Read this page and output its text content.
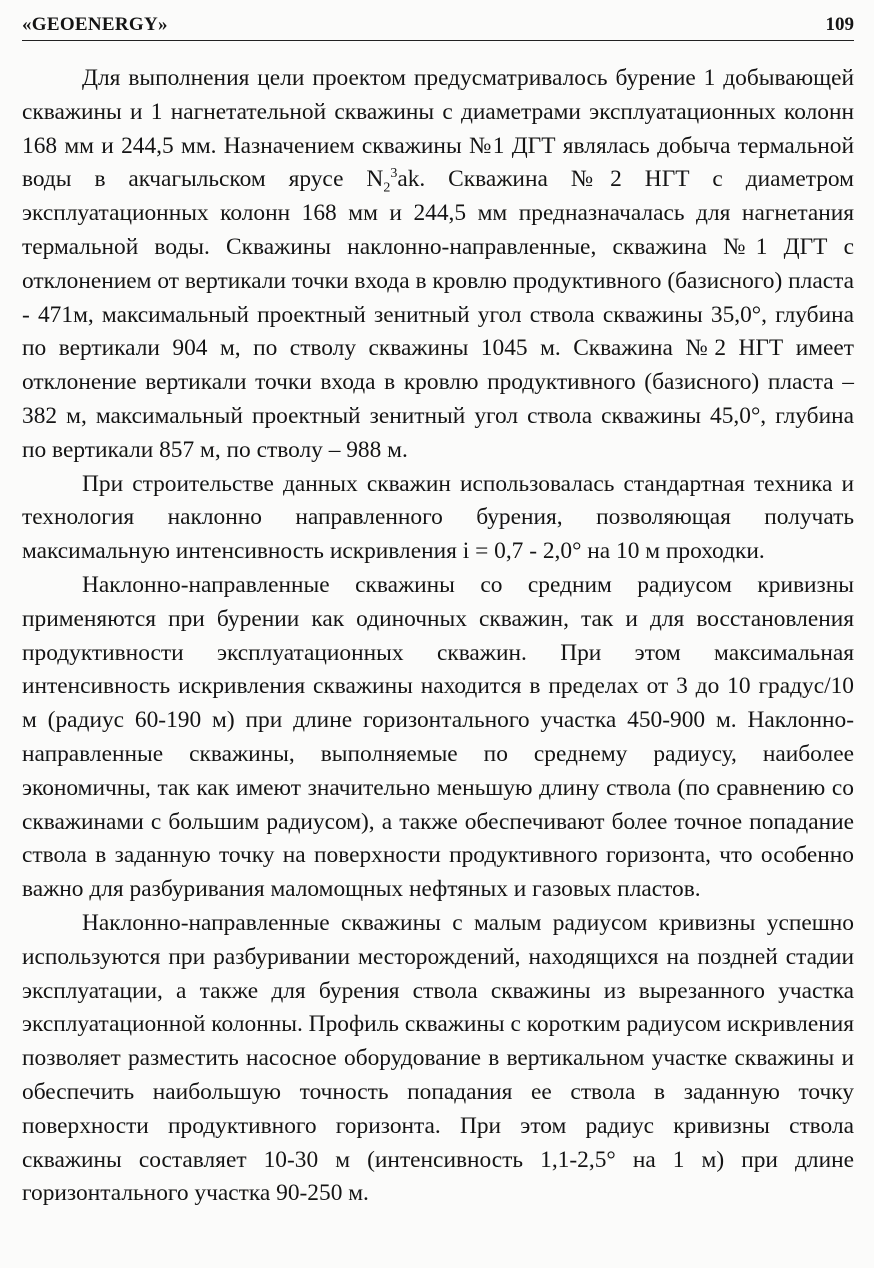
«GEOENERGY»	109

Для выполнения цели проектом предусматривалось бурение 1 добывающей скважины и 1 нагнетательной скважины с диаметрами эксплуатационных колонн 168 мм и 244,5 мм. Назначением скважины №1 ДГТ являлась добыча термальной воды в акчагыльском ярусе $N_2^3ak$. Скважина №2 НГТ с диаметром эксплуатационных колонн 168 мм и 244,5 мм предназначалась для нагнетания термальной воды. Скважины наклонно-направленные, скважина №1 ДГТ с отклонением от вертикали точки входа в кровлю продуктивного (базисного) пласта - 471м, максимальный проектный зенитный угол ствола скважины 35,0°, глубина по вертикали 904 м, по стволу скважины 1045 м. Скважина №2 НГТ имеет отклонение вертикали точки входа в кровлю продуктивного (базисного) пласта – 382 м, максимальный проектный зенитный угол ствола скважины 45,0°, глубина по вертикали 857 м, по стволу – 988 м.

При строительстве данных скважин использовалась стандартная техника и технология наклонно направленного бурения, позволяющая получать максимальную интенсивность искривления i = 0,7 - 2,0° на 10 м проходки.

Наклонно-направленные скважины со средним радиусом кривизны применяются при бурении как одиночных скважин, так и для восстановления продуктивности эксплуатационных скважин. При этом максимальная интенсивность искривления скважины находится в пределах от 3 до 10 градус/10 м (радиус 60-190 м) при длине горизонтального участка 450-900 м. Наклонно-направленные скважины, выполняемые по среднему радиусу, наиболее экономичны, так как имеют значительно меньшую длину ствола (по сравнению со скважинами с большим радиусом), а также обеспечивают более точное попадание ствола в заданную точку на поверхности продуктивного горизонта, что особенно важно для разбуривания маломощных нефтяных и газовых пластов.

Наклонно-направленные скважины с малым радиусом кривизны успешно используются при разбуривании месторождений, находящихся на поздней стадии эксплуатации, а также для бурения ствола скважины из вырезанного участка эксплуатационной колонны. Профиль скважины с коротким радиусом искривления позволяет разместить насосное оборудование в вертикальном участке скважины и обеспечить наибольшую точность попадания ее ствола в заданную точку поверхности продуктивного горизонта. При этом радиус кривизны ствола скважины составляет 10-30 м (интенсивность 1,1-2,5° на 1 м) при длине горизонтального участка 90-250 м.
